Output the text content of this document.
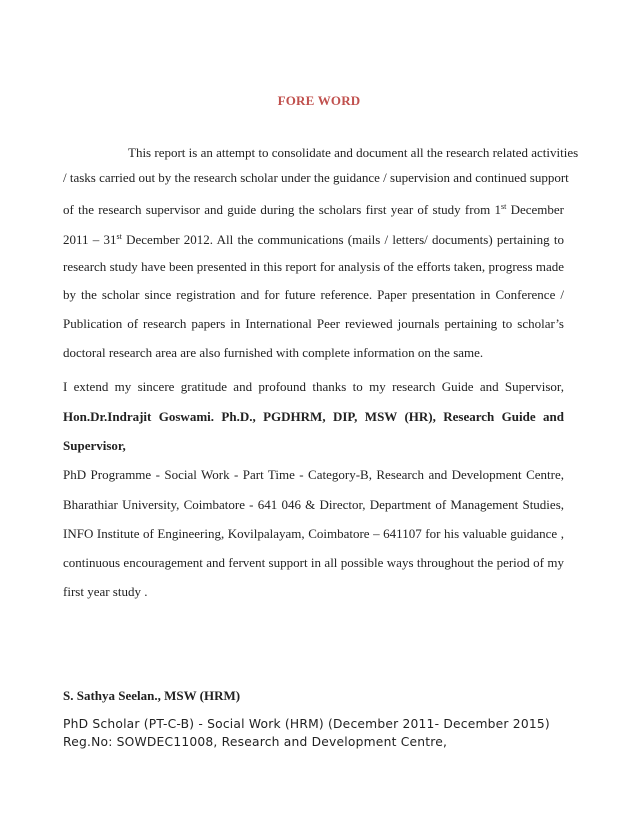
FORE WORD
This report is an attempt to consolidate and document all the research related activities
/ tasks carried out by the research scholar under the guidance / supervision and continued support
of the research supervisor and guide during the scholars first year of study from 1st December
2011 – 31st December 2012. All the communications (mails / letters/ documents) pertaining to
research study have been presented in this report for analysis of the efforts taken, progress made
by the scholar since registration and for future reference. Paper presentation in Conference /
Publication of research papers in International Peer reviewed journals pertaining to scholar’s
doctoral research area are also furnished with complete information on the same.
I extend my sincere gratitude and profound thanks to my research Guide and Supervisor,
Hon.Dr.Indrajit Goswami. Ph.D., PGDHRM, DIP, MSW (HR), Research Guide and
Supervisor,
PhD Programme - Social Work - Part Time - Category-B, Research and Development Centre,
Bharathiar University, Coimbatore - 641 046 & Director, Department of Management Studies,
INFO Institute of Engineering, Kovilpalayam, Coimbatore – 641107 for his valuable guidance ,
continuous encouragement and fervent support in all possible ways throughout the period of my
first year study .
S. Sathya Seelan., MSW (HRM)
PhD Scholar (PT-C-B) - Social Work (HRM) (December 2011- December 2015)
Reg.No: SOWDEC11008, Research and Development Centre,
